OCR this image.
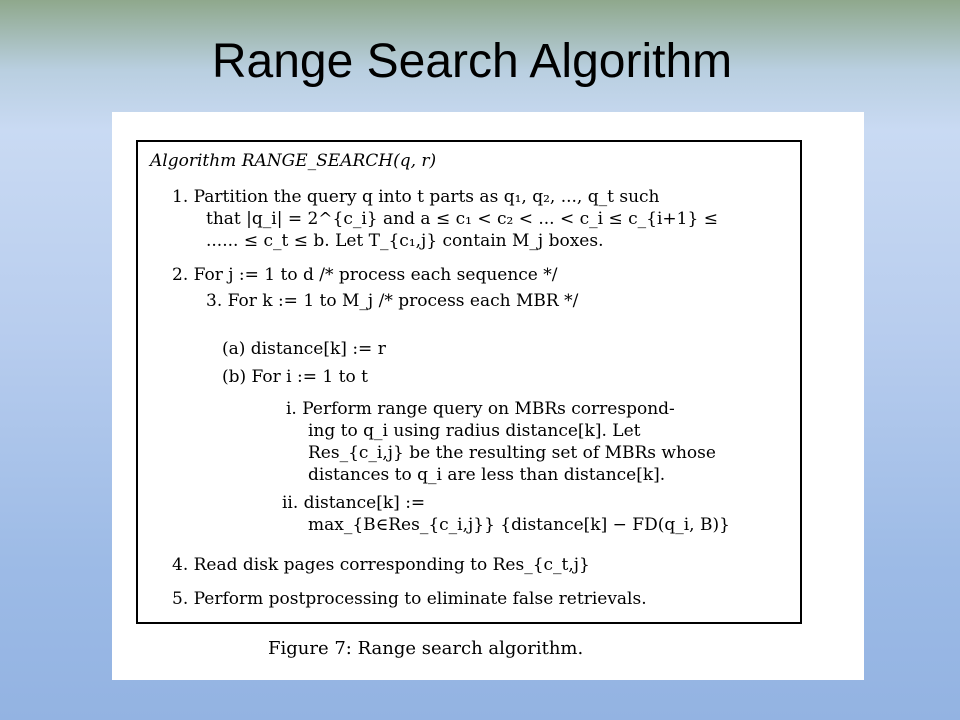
Range Search Algorithm
Algorithm RANGE_SEARCH(q, r)
1. Partition the query q into t parts as q₁, q₂, ..., q_t such
that |q_i| = 2^{c_i} and a ≤ c₁ < c₂ < ... < c_i ≤ c_{i+1} ≤
...... ≤ c_t ≤ b. Let T_{c₁,j} contain M_j boxes.
2. For j := 1 to d /* process each sequence */
3. For k := 1 to M_j /* process each MBR */
(a) distance[k] := r
(b) For i := 1 to t
i. Perform range query on MBRs correspond-
ing to q_i using radius distance[k]. Let
Res_{c_i,j} be the resulting set of MBRs whose
distances to q_i are less than distance[k].
ii. distance[k] :=
max_{B∈Res_{c_i,j}} {distance[k] − FD(q_i, B)}
4. Read disk pages corresponding to Res_{c_t,j}
5. Perform postprocessing to eliminate false retrievals.
Figure 7: Range search algorithm.
